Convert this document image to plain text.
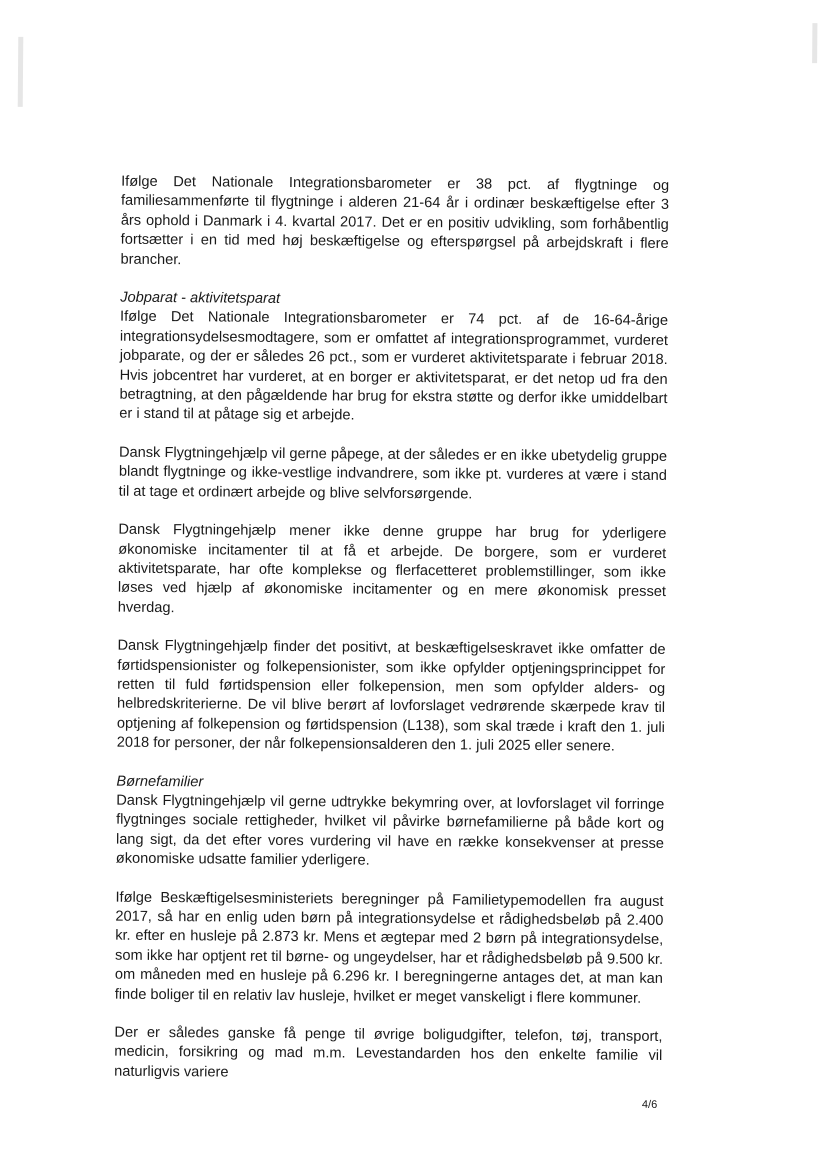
Ifølge Det Nationale Integrationsbarometer er 38 pct. af flygtninge og familiesammenførte til flygtninge i alderen 21-64 år i ordinær beskæftigelse efter 3 års ophold i Danmark i 4. kvartal 2017. Det er en positiv udvikling, som forhåbentlig fortsætter i en tid med høj beskæftigelse og efterspørgsel på arbejdskraft i flere brancher.

Jobparat - aktivitetsparat

Ifølge Det Nationale Integrationsbarometer er 74 pct. af de 16-64-årige integrationsydelsesmodtagere, som er omfattet af integrationsprogrammet, vurderet jobparate, og der er således 26 pct., som er vurderet aktivitetsparate i februar 2018. Hvis jobcentret har vurderet, at en borger er aktivitetsparat, er det netop ud fra den betragtning, at den pågældende har brug for ekstra støtte og derfor ikke umiddelbart er i stand til at påtage sig et arbejde.

Dansk Flygtningehjælp vil gerne påpege, at der således er en ikke ubetydelig gruppe blandt flygtninge og ikke-vestlige indvandrere, som ikke pt. vurderes at være i stand til at tage et ordinært arbejde og blive selvforsørgende.

Dansk Flygtningehjælp mener ikke denne gruppe har brug for yderligere økonomiske incitamenter til at få et arbejde. De borgere, som er vurderet aktivitetsparate, har ofte komplekse og flerfacetteret problemstillinger, som ikke løses ved hjælp af økonomiske incitamenter og en mere økonomisk presset hverdag.

Dansk Flygtningehjælp finder det positivt, at beskæftigelseskravet ikke omfatter de førtidspensionister og folkepensionister, som ikke opfylder optjeningsprincippet for retten til fuld førtidspension eller folkepension, men som opfylder alders- og helbredskriterierne. De vil blive berørt af lovforslaget vedrørende skærpede krav til optjening af folkepension og førtidspension (L138), som skal træde i kraft den 1. juli 2018 for personer, der når folkepensionsalderen den 1. juli 2025 eller senere.

Børnefamilier

Dansk Flygtningehjælp vil gerne udtrykke bekymring over, at lovforslaget vil forringe flygtninges sociale rettigheder, hvilket vil påvirke børnefamilierne på både kort og lang sigt, da det efter vores vurdering vil have en række konsekvenser at presse økonomiske udsatte familier yderligere.

Ifølge Beskæftigelsesministeriets beregninger på Familietypemodellen fra august 2017, så har en enlig uden børn på integrationsydelse et rådighedsbeløb på 2.400 kr. efter en husleje på 2.873 kr. Mens et ægtepar med 2 børn på integrationsydelse, som ikke har optjent ret til børne- og ungeydelser, har et rådighedsbeløb på 9.500 kr. om måneden med en husleje på 6.296 kr. I beregningerne antages det, at man kan finde boliger til en relativ lav husleje, hvilket er meget vanskeligt i flere kommuner.

Der er således ganske få penge til øvrige boligudgifter, telefon, tøj, transport, medicin, forsikring og mad m.m. Levestandarden hos den enkelte familie vil naturligvis variere

4/6
